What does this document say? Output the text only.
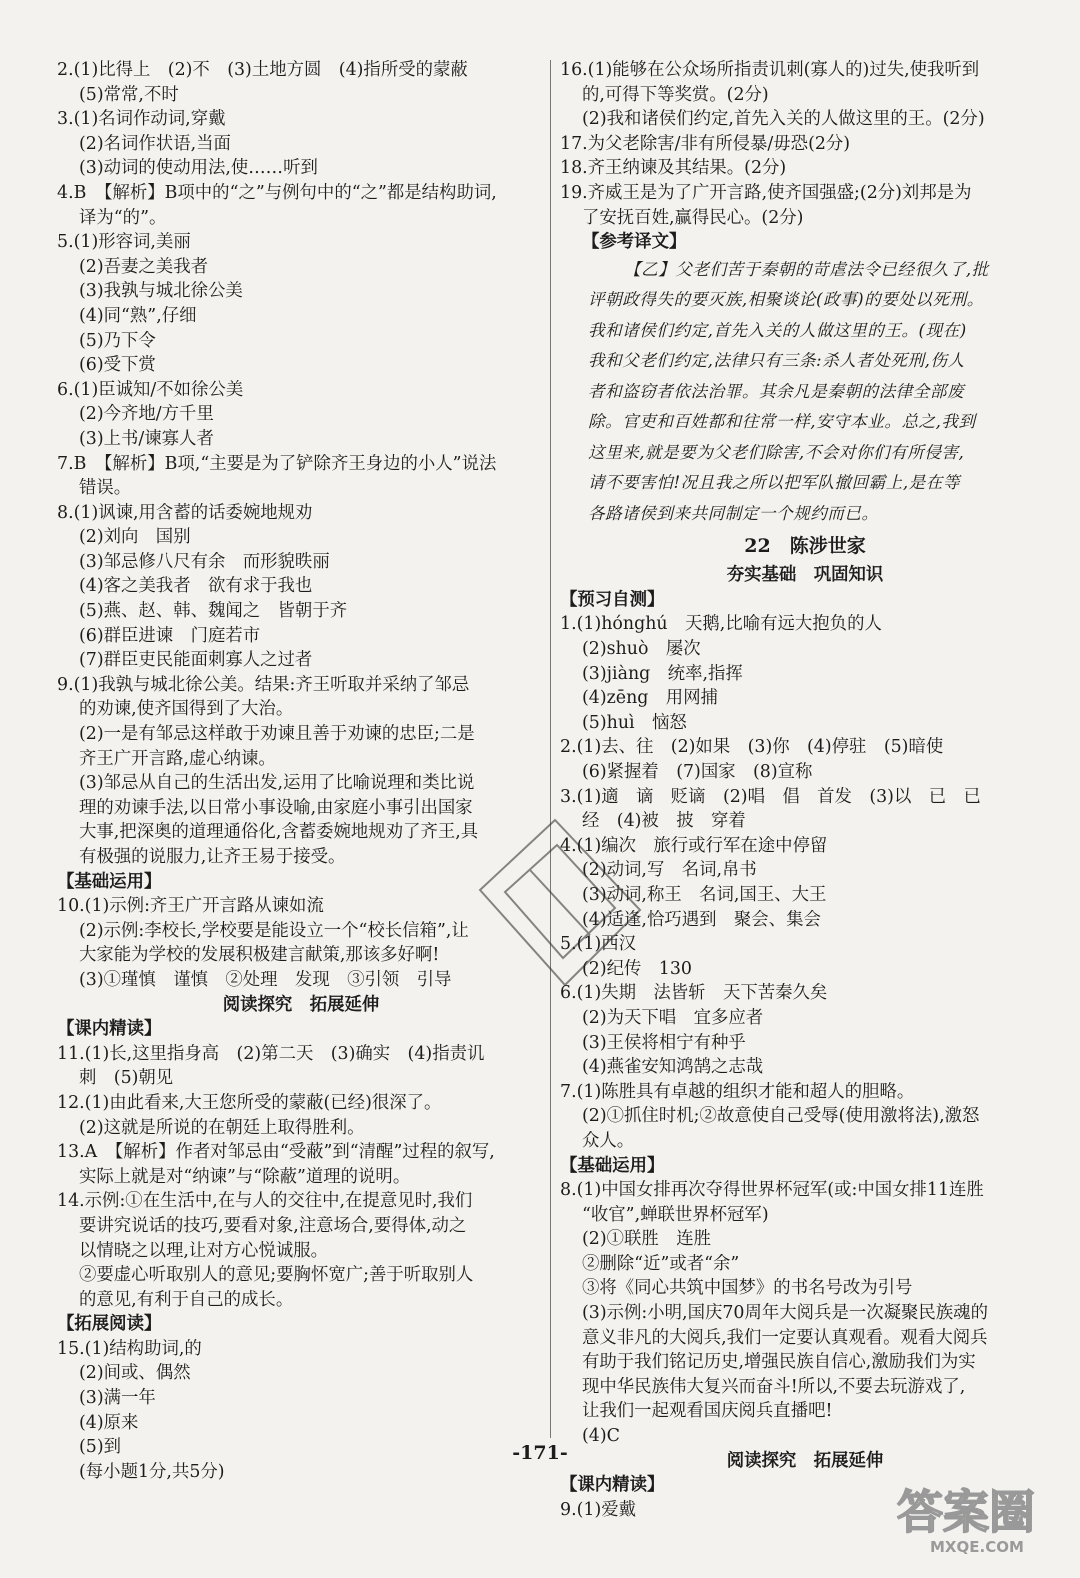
2.(1)比得上　(2)不　(3)土地方圆　(4)指所受的蒙蔽
(5)常常,不时
3.(1)名词作动词,穿戴
(2)名词作状语,当面
(3)动词的使动用法,使……听到
4.B　【解析】B项中的“之”与例句中的“之”都是结构助词,
译为“的”。
5.(1)形容词,美丽
(2)吾妻之美我者
(3)我孰与城北徐公美
(4)同“熟”,仔细
(5)乃下令
(6)受下赏
6.(1)臣诚知/不如徐公美
(2)今齐地/方千里
(3)上书/谏寡人者
7.B　【解析】B项,“主要是为了铲除齐王身边的小人”说法
错误。
8.(1)讽谏,用含蓄的话委婉地规劝
(2)刘向　国别
(3)邹忌修八尺有余　而形貌昳丽
(4)客之美我者　欲有求于我也
(5)燕、赵、韩、魏闻之　皆朝于齐
(6)群臣进谏　门庭若市
(7)群臣吏民能面刺寡人之过者
9.(1)我孰与城北徐公美。结果:齐王听取并采纳了邹忌
的劝谏,使齐国得到了大治。
(2)一是有邹忌这样敢于劝谏且善于劝谏的忠臣;二是
齐王广开言路,虚心纳谏。
(3)邹忌从自己的生活出发,运用了比喻说理和类比说
理的劝谏手法,以日常小事设喻,由家庭小事引出国家
大事,把深奥的道理通俗化,含蓄委婉地规劝了齐王,具
有极强的说服力,让齐王易于接受。
【基础运用】
10.(1)示例:齐王广开言路从谏如流
(2)示例:李校长,学校要是能设立一个“校长信箱”,让
大家能为学校的发展积极建言献策,那该多好啊!
(3)①瑾慎　谨慎　②处理　发现　③引领　引导
阅读探究　拓展延伸
【课内精读】
11.(1)长,这里指身高　(2)第二天　(3)确实　(4)指责讥
刺　(5)朝见
12.(1)由此看来,大王您所受的蒙蔽(已经)很深了。
(2)这就是所说的在朝廷上取得胜利。
13.A　【解析】作者对邹忌由“受蔽”到“清醒”过程的叙写,
实际上就是对“纳谏”与“除蔽”道理的说明。
14.示例:①在生活中,在与人的交往中,在提意见时,我们
要讲究说话的技巧,要看对象,注意场合,要得体,动之
以情晓之以理,让对方心悦诚服。
②要虚心听取别人的意见;要胸怀宽广;善于听取别人
的意见,有利于自己的成长。
【拓展阅读】
15.(1)结构助词,的
(2)间或、偶然
(3)满一年
(4)原来
(5)到
(每小题1分,共5分)
16.(1)能够在公众场所指责讥刺(寡人的)过失,使我听到
的,可得下等奖赏。(2分)
(2)我和诸侯们约定,首先入关的人做这里的王。(2分)
17.为父老除害/非有所侵暴/毋恐(2分)
18.齐王纳谏及其结果。(2分)
19.齐威王是为了广开言路,使齐国强盛;(2分)刘邦是为
了安抚百姓,赢得民心。(2分)
【参考译文】
【乙】父老们苦于秦朝的苛虐法令已经很久了,批
评朝政得失的要灭族,相聚谈论(政事)的要处以死刑。
我和诸侯们约定,首先入关的人做这里的王。(现在)
我和父老们约定,法律只有三条:杀人者处死刑,伤人
者和盗窃者依法治罪。其余凡是秦朝的法律全部废
除。官吏和百姓都和往常一样,安守本业。总之,我到
这里来,就是要为父老们除害,不会对你们有所侵害,
请不要害怕!况且我之所以把军队撤回霸上,是在等
各路诸侯到来共同制定一个规约而已。
22　陈涉世家
夯实基础　巩固知识
【预习自测】
1.(1)hónghú　天鹅,比喻有远大抱负的人
(2)shuò　屡次
(3)jiàng　统率,指挥
(4)zēng　用网捕
(5)huì　恼怒
2.(1)去、往　(2)如果　(3)你　(4)停驻　(5)暗使
(6)紧握着　(7)国家　(8)宣称
3.(1)適　谪　贬谪　(2)唱　倡　首发　(3)以　已　已
经　(4)被　披　穿着
4.(1)编次　旅行或行军在途中停留
(2)动词,写　名词,帛书
(3)动词,称王　名词,国王、大王
(4)适逢,恰巧遇到　聚会、集会
5.(1)西汉
(2)纪传　130
6.(1)失期　法皆斩　天下苦秦久矣
(2)为天下唱　宜多应者
(3)王侯将相宁有种乎
(4)燕雀安知鸿鹄之志哉
7.(1)陈胜具有卓越的组织才能和超人的胆略。
(2)①抓住时机;②故意使自己受辱(使用激将法),激怒
众人。
【基础运用】
8.(1)中国女排再次夺得世界杯冠军(或:中国女排11连胜
“收官”,蝉联世界杯冠军)
(2)①联胜　连胜
②删除“近”或者“余”
③将《同心共筑中国梦》的书名号改为引号
(3)示例:小明,国庆70周年大阅兵是一次凝聚民族魂的
意义非凡的大阅兵,我们一定要认真观看。观看大阅兵
有助于我们铭记历史,增强民族自信心,激励我们为实
现中华民族伟大复兴而奋斗!所以,不要去玩游戏了,
让我们一起观看国庆阅兵直播吧!
(4)C
阅读探究　拓展延伸
【课内精读】
9.(1)爱戴
-171-
答案圈
MXQE.COM
